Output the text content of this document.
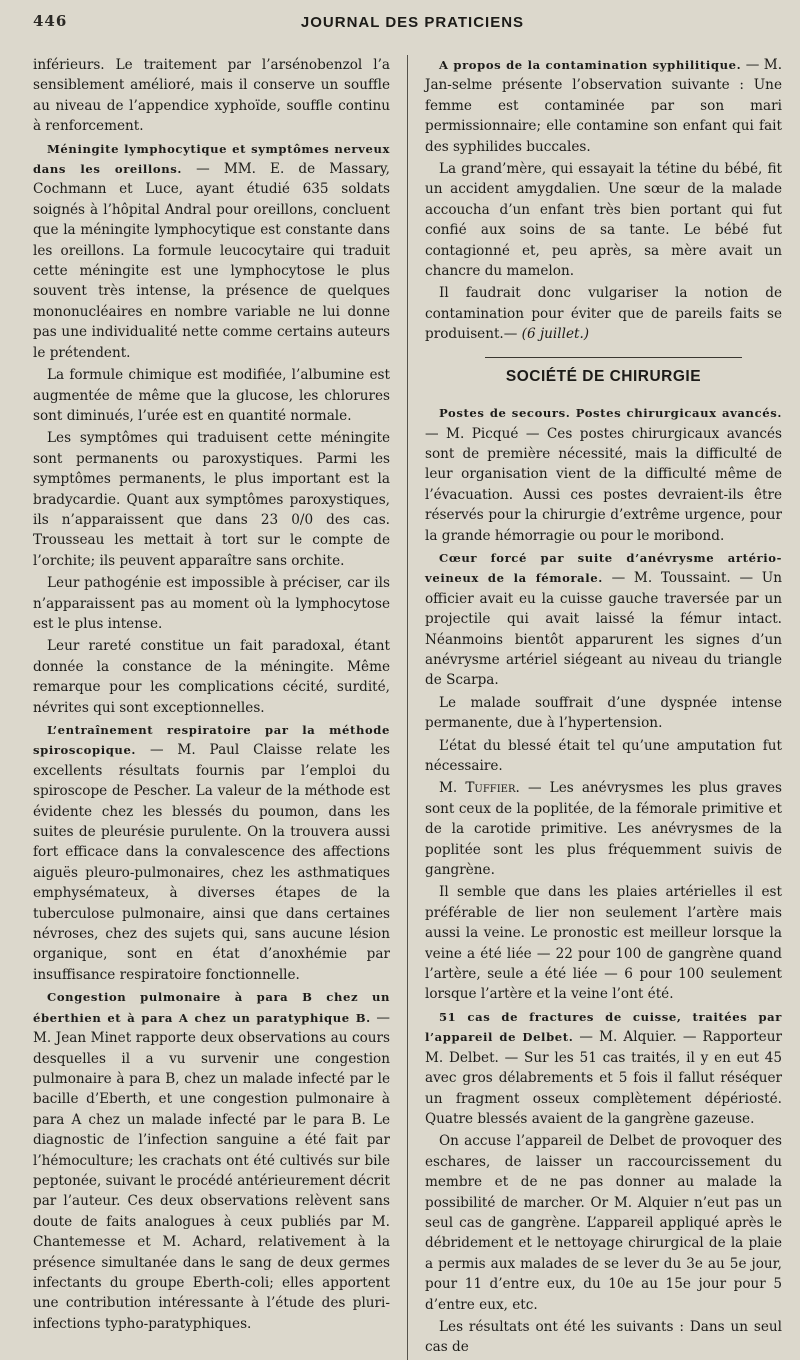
446	JOURNAL DES PRATICIENS

inférieurs. Le traitement par l’arsénobenzol l’a sensiblement amélioré, mais il conserve un souffle au niveau de l’appendice xyphoïde, souffle continu à renforcement.

Méningite lymphocytique et symptômes nerveux dans les oreillons. — MM. E. de Massary, Cochmann et Luce, ayant étudié 635 soldats soignés à l’hôpital Andral pour oreillons, concluent que la méningite lymphocytique est constante dans les oreillons. La formule leucocytaire qui traduit cette méningite est une lymphocytose le plus souvent très intense, la présence de quelques mononucléaires en nombre variable ne lui donne pas une individualité nette comme certains auteurs le prétendent.

La formule chimique est modifiée, l’albumine est augmentée de même que la glucose, les chlorures sont diminués, l’urée est en quantité normale.

Les symptômes qui traduisent cette méningite sont permanents ou paroxystiques. Parmi les symptômes permanents, le plus important est la bradycardie. Quant aux symptômes paroxystiques, ils n’apparaissent que dans 23 0/0 des cas. Trousseau les mettait à tort sur le compte de l’orchite; ils peuvent apparaître sans orchite.

Leur pathogénie est impossible à préciser, car ils n’apparaissent pas au moment où la lymphocytose est le plus intense.

Leur rareté constitue un fait paradoxal, étant donnée la constance de la méningite. Même remarque pour les complications cécité, surdité, névrites qui sont exceptionnelles.

L’entraînement respiratoire par la méthode spiroscopique. — M. Paul Claisse relate les excellents résultats fournis par l’emploi du spiroscope de Pescher. La valeur de la méthode est évidente chez les blessés du poumon, dans les suites de pleurésie purulente. On la trouvera aussi fort efficace dans la convalescence des affections aiguës pleuro-pulmonaires, chez les asthmatiques emphysémateux, à diverses étapes de la tuberculose pulmonaire, ainsi que dans certaines névroses, chez des sujets qui, sans aucune lésion organique, sont en état d’anoxhémie par insuffisance respiratoire fonctionnelle.

Congestion pulmonaire à para B chez un éberthien et à para A chez un paratyphique B. — M. Jean Minet rapporte deux observations au cours desquelles il a vu survenir une congestion pulmonaire à para B, chez un malade infecté par le bacille d’Eberth, et une congestion pulmonaire à para A chez un malade infecté par le para B. Le diagnostic de l’infection sanguine a été fait par l’hémoculture; les crachats ont été cultivés sur bile peptonée, suivant le procédé antérieurement décrit par l’auteur. Ces deux observations relèvent sans doute de faits analogues à ceux publiés par M. Chantemesse et M. Achard, relativement à la présence simultanée dans le sang de deux germes infectants du groupe Eberth-coli; elles apportent une contribution intéressante à l’étude des pluri-infections typho-paratyphiques.

A propos de la contamination syphilitique. — M. Jan-selme présente l’observation suivante : Une femme est contaminée par son mari permissionnaire; elle contamine son enfant qui fait des syphilides buccales.

La grand’mère, qui essayait la tétine du bébé, fit un accident amygdalien. Une sœur de la malade accoucha d’un enfant très bien portant qui fut confié aux soins de sa tante. Le bébé fut contagionné et, peu après, sa mère avait un chancre du mamelon.

Il faudrait donc vulgariser la notion de contamination pour éviter que de pareils faits se produisent.— (6 juillet.)

SOCIÉTÉ DE CHIRURGIE

Postes de secours. Postes chirurgicaux avancés. — M. Picqué — Ces postes chirurgicaux avancés sont de première nécessité, mais la difficulté de leur organisation vient de la difficulté même de l’évacuation. Aussi ces postes devraient-ils être réservés pour la chirurgie d’extrême urgence, pour la grande hémorragie ou pour le moribond.

Cœur forcé par suite d’anévrysme artério-veineux de la fémorale. — M. Toussaint. — Un officier avait eu la cuisse gauche traversée par un projectile qui avait laissé la fémur intact. Néanmoins bientôt apparurent les signes d’un anévrysme artériel siégeant au niveau du triangle de Scarpa.

Le malade souffrait d’une dyspnée intense permanente, due à l’hypertension.

L’état du blessé était tel qu’une amputation fut nécessaire.

M. Tuffier. — Les anévrysmes les plus graves sont ceux de la poplitée, de la fémorale primitive et de la carotide primitive. Les anévrysmes de la poplitée sont les plus fréquemment suivis de gangrène.

Il semble que dans les plaies artérielles il est préférable de lier non seulement l’artère mais aussi la veine. Le pronostic est meilleur lorsque la veine a été liée — 22 pour 100 de gangrène quand l’artère, seule a été liée — 6 pour 100 seulement lorsque l’artère et la veine l’ont été.

51 cas de fractures de cuisse, traitées par l’appareil de Delbet. — M. Alquier. — Rapporteur M. Delbet. — Sur les 51 cas traités, il y en eut 45 avec gros délabrements et 5 fois il fallut réséquer un fragment osseux complètement dépériosté. Quatre blessés avaient de la gangrène gazeuse.

On accuse l’appareil de Delbet de provoquer des eschares, de laisser un raccourcissement du membre et de ne pas donner au malade la possibilité de marcher. Or M. Alquier n’eut pas un seul cas de gangrène. L’appareil appliqué après le débridement et le nettoyage chirurgical de la plaie a permis aux malades de se lever du 3e au 5e jour, pour 11 d’entre eux, du 10e au 15e jour pour 5 d’entre eux, etc.

Les résultats ont été les suivants : Dans un seul cas de
